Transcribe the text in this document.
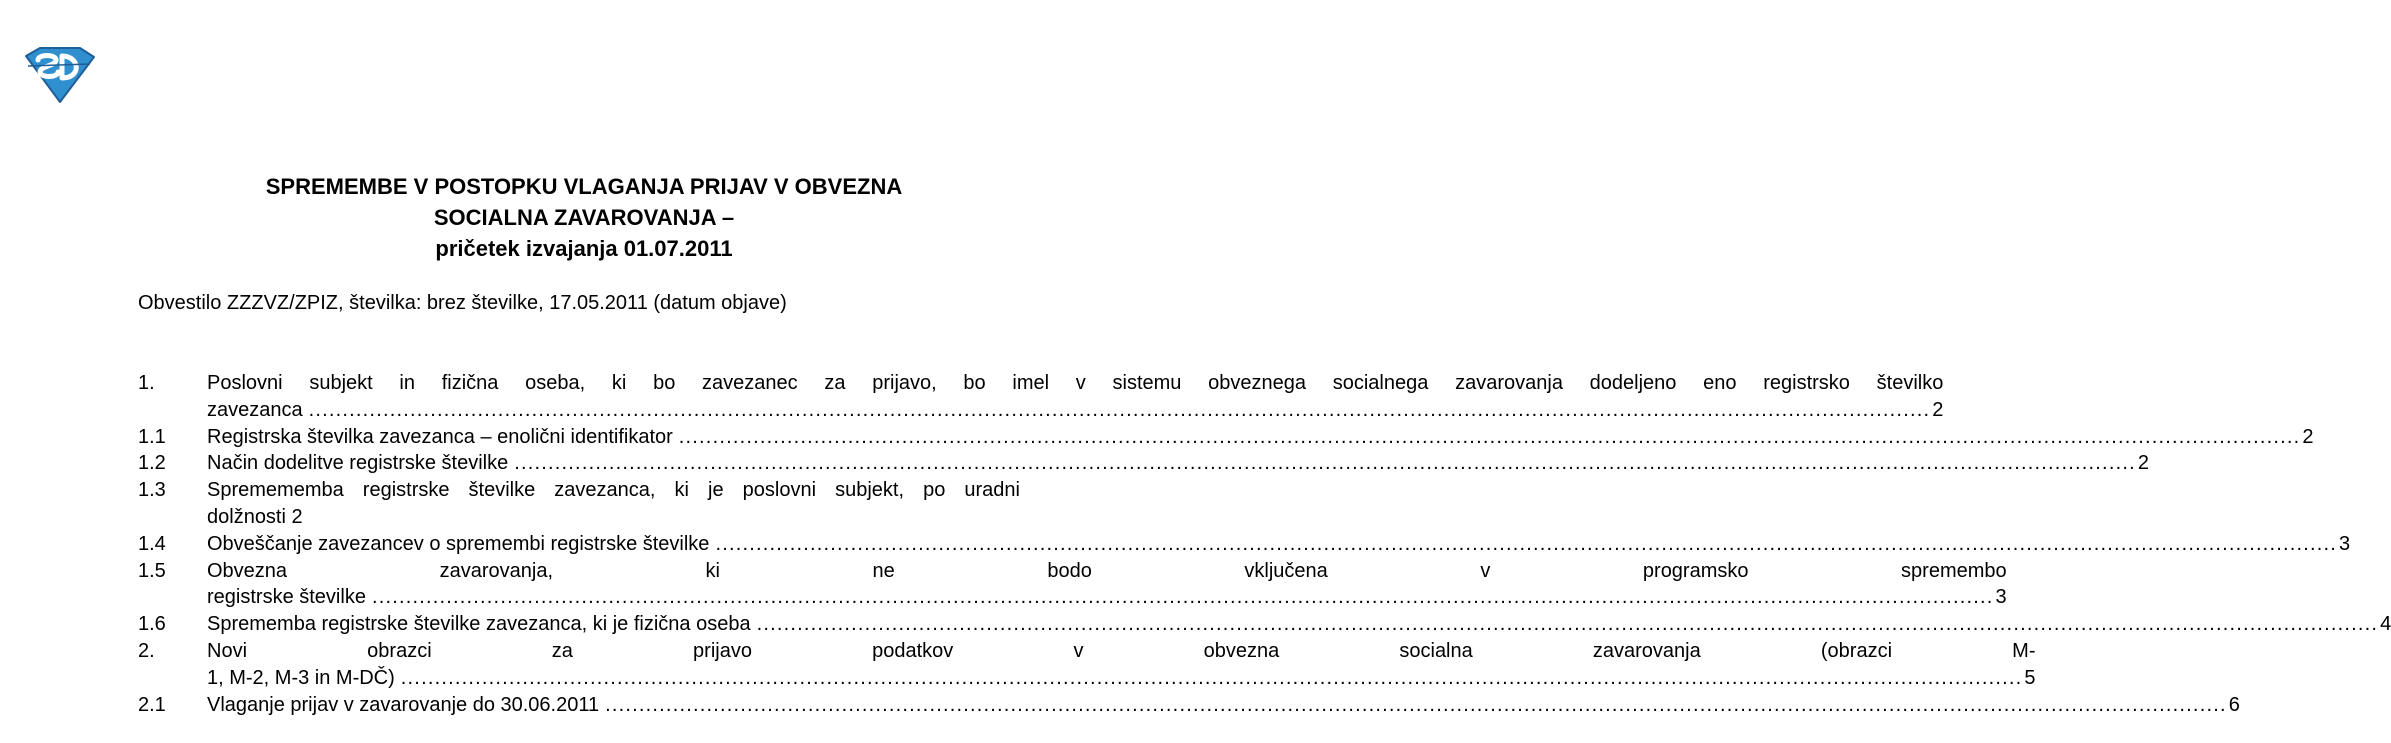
SPREMEMBE V POSTOPKU VLAGANJA PRIJAV V OBVEZNA
SOCIALNA ZAVAROVANJA –
pričetek izvajanja 01.07.2011
Obvestilo ZZZVZ/ZPIZ, številka: brez številke, 17.05.2011 (datum objave)
1.	Poslovni subjekt in fizična oseba, ki bo zavezanec za prijavo, bo imel v sistemu obveznega socialnega zavarovanja dodeljeno eno registrsko številko
zavezanca .....	2
1.1	Registrska številka zavezanca – enolični identifikator .....	2
1.2	Način dodelitve registrske številke .....	2
1.3	Spremememba registrske številke zavezanca, ki je poslovni subjekt, po uradni
dolžnosti 2
1.4	Obveščanje zavezancev o spremembi registrske številke .....	3
1.5	Obvezna zavarovanja, ki ne bodo vključena v programsko spremembo
registrske številke .....	3
1.6	Sprememba registrske številke zavezanca, ki je fizična oseba .....	4
2.	Novi obrazci za prijavo podatkov v obvezna socialna zavarovanja (obrazci M-
1, M-2, M-3 in M-DČ) .....	5
2.1	Vlaganje prijav v zavarovanje do 30.06.2011 .....	6
